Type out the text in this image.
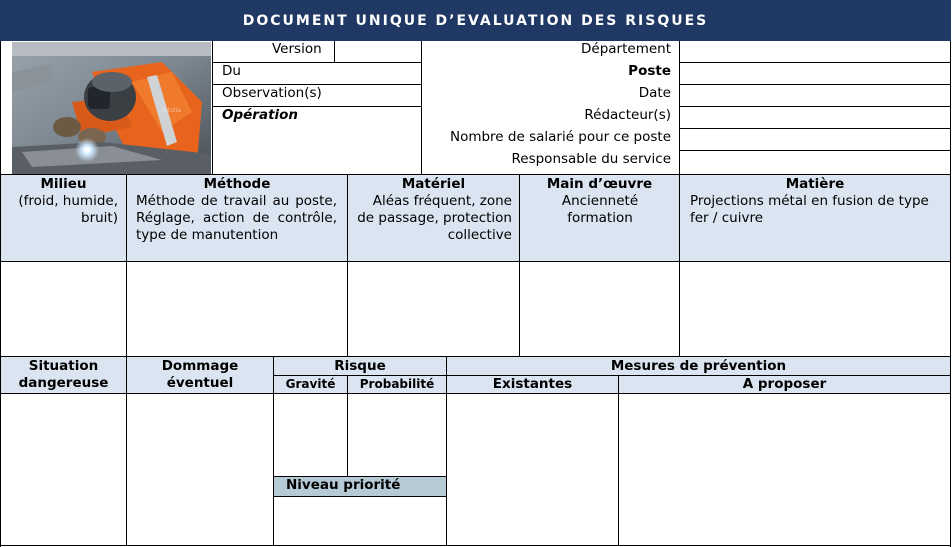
DOCUMENT UNIQUE D’EVALUATION DES RISQUES
fotolia
Version
Du
Observation(s)
Opération
Département
Poste
Date
Rédacteur(s)
Nombre de salarié pour ce poste
Responsable du service
Milieu
(froid, humide, bruit)
Méthode
Méthode de travail au poste, Réglage, action de contrôle, type de manutention
Matériel
Aléas fréquent, zone de passage, protection collective
Main d’œuvre
Ancienneté formation
Matière
Projections métal en fusion de type fer / cuivre
Situation dangereuse
Dommage éventuel
Risque
Gravité	Probabilité
Mesures de prévention
Existantes	A proposer
Niveau priorité
